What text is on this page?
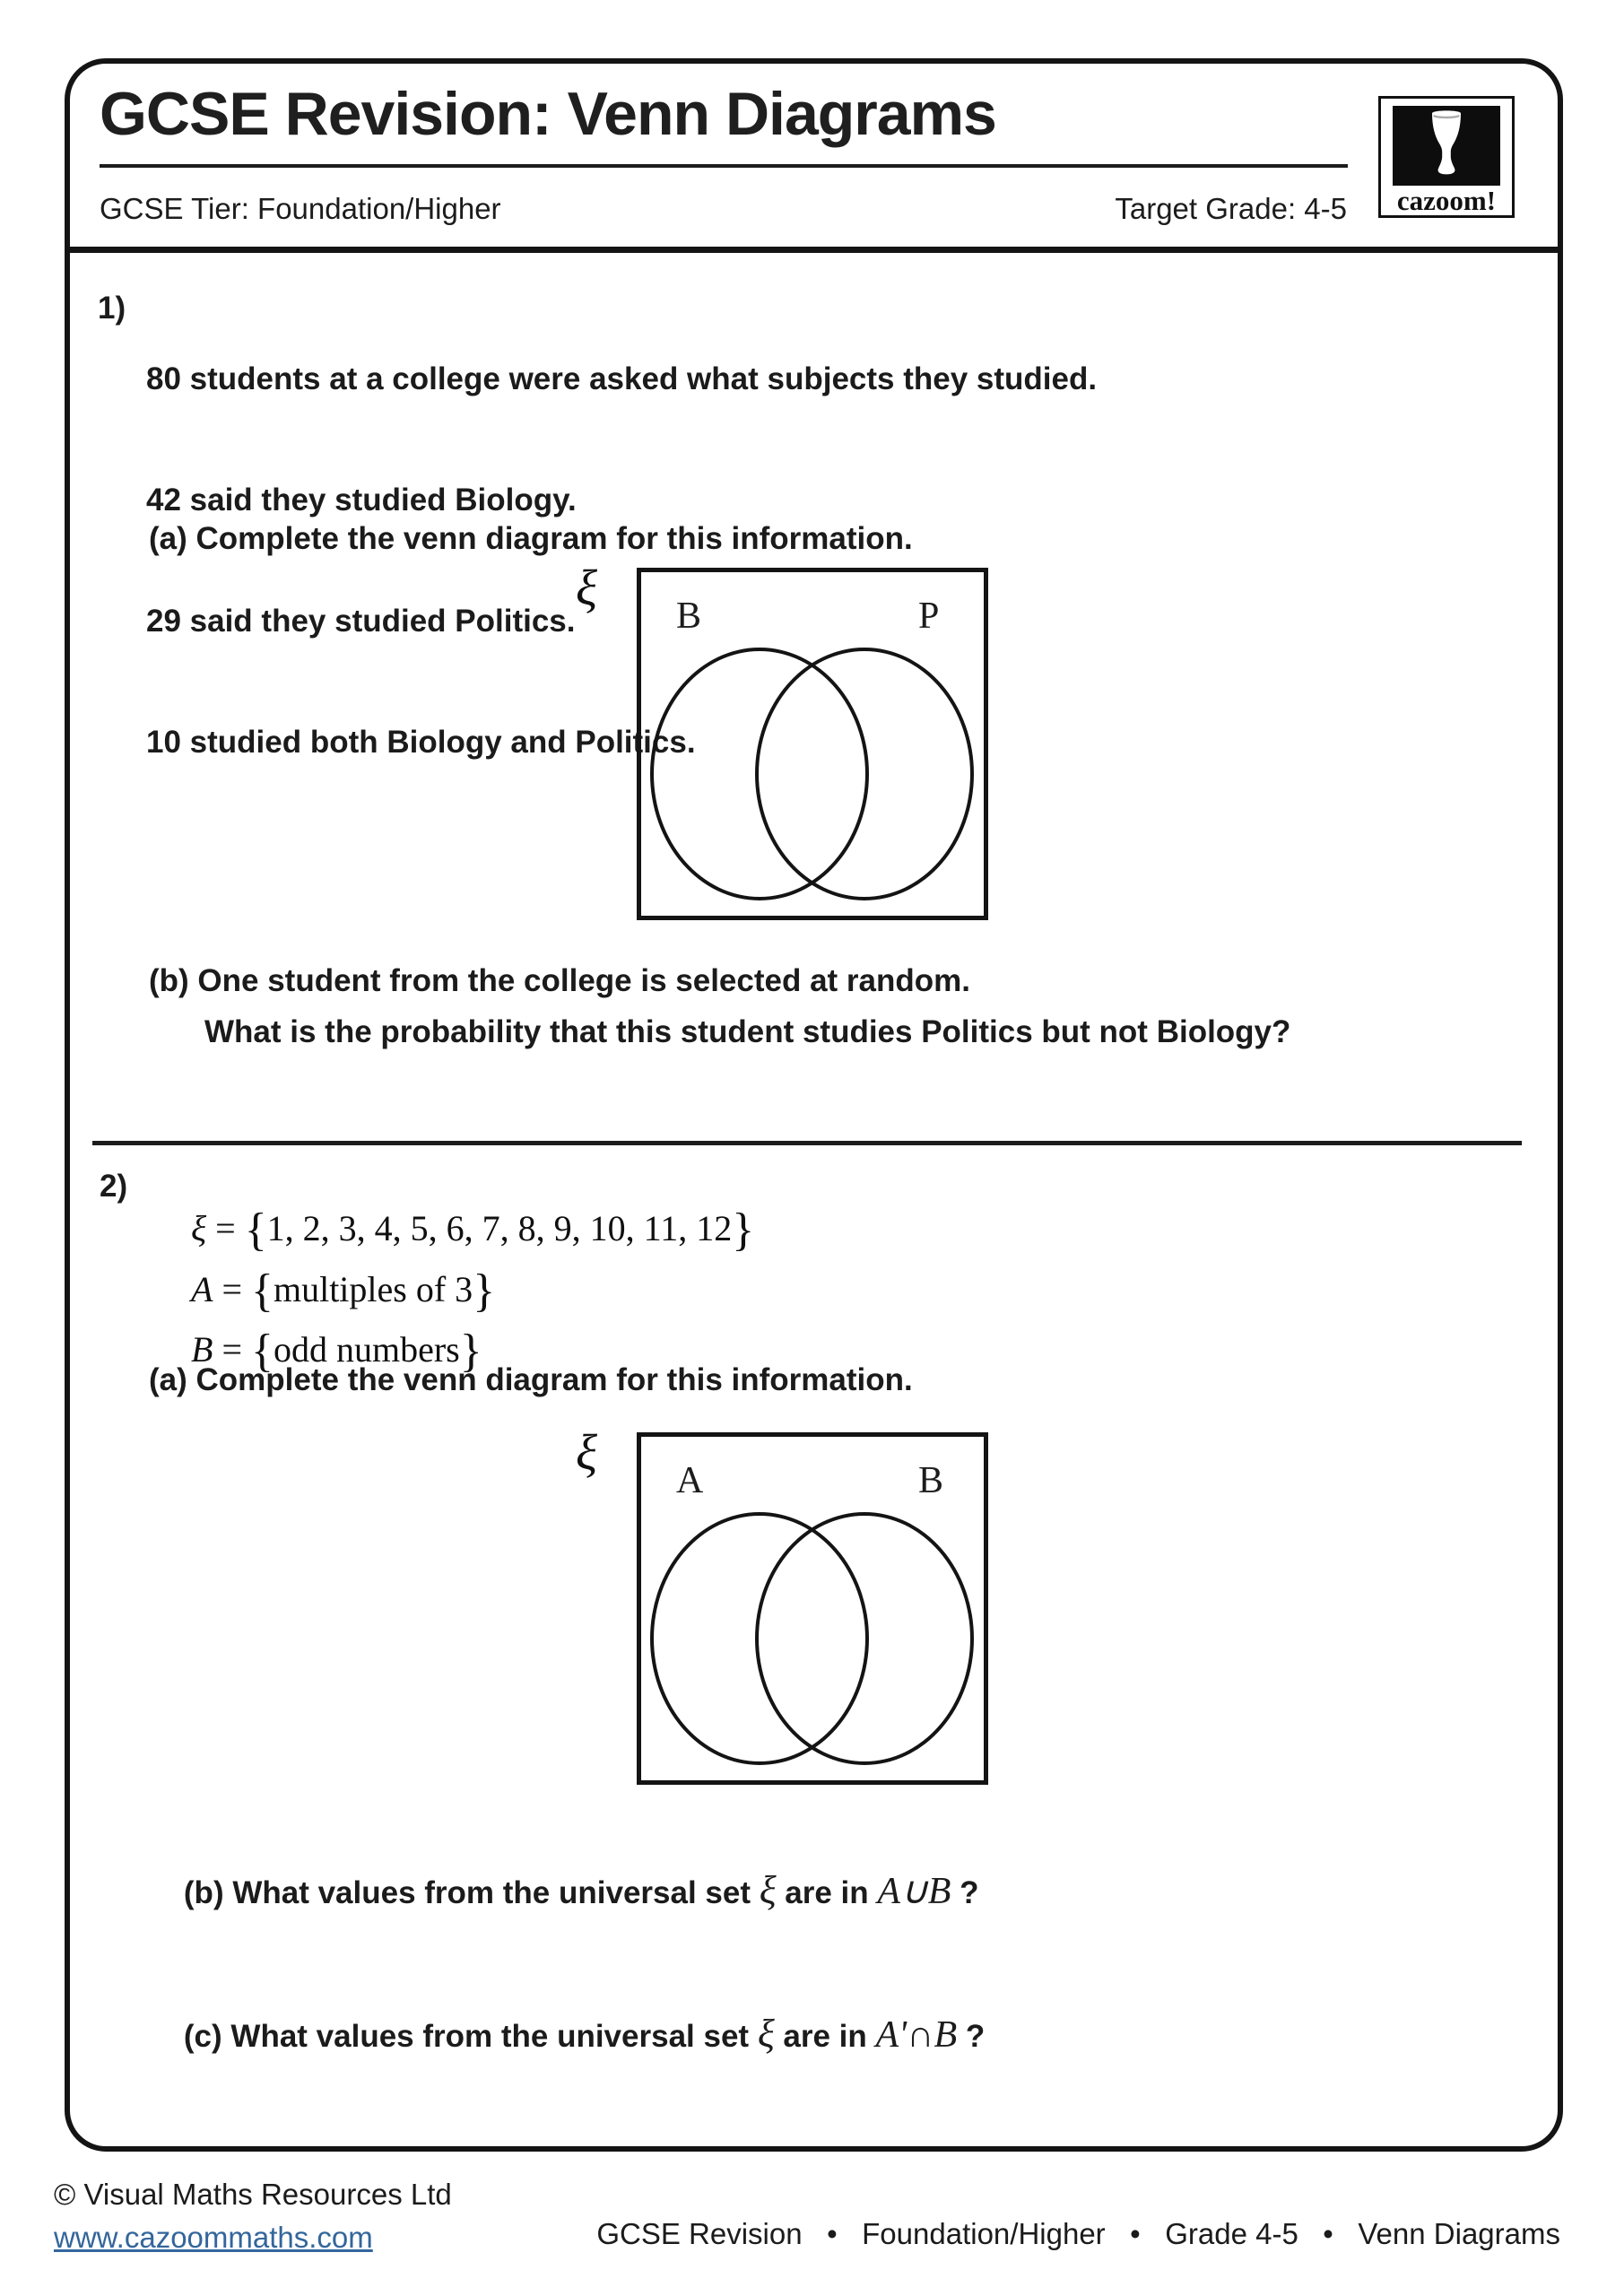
GCSE Revision: Venn Diagrams
GCSE Tier: Foundation/Higher	Target Grade: 4-5	cazoom!
1)

80 students at a college were asked what subjects they studied.

42 said they studied Biology.

29 said they studied Politics.

10 studied both Biology and Politics.

(a) Complete the venn diagram for this information.
ξ B	P
(b) One student from the college is selected at random.
What is the probability that this student studies Politics but not Biology?
2)

ξ = {1, 2, 3, 4, 5, 6, 7, 8, 9, 10, 11, 12}

A = {multiples of 3}

B = {odd numbers}

(a) Complete the venn diagram for this information.
ξ A	B

(b) What values from the universal set ξ are in A∪B ?

(c) What values from the universal set ξ are in A'∩B ?

© Visual Maths Resources Ltd
www.cazoommaths.com	GCSE Revision   •   Foundation/Higher   •   Grade 4-5   •   Venn Diagrams
